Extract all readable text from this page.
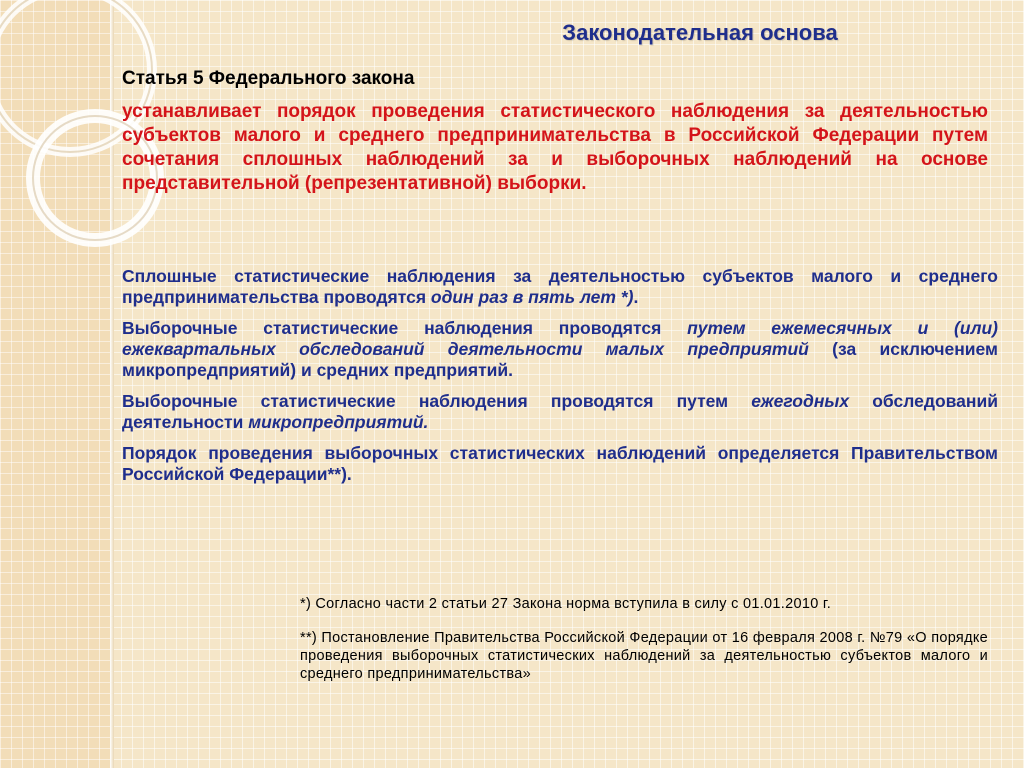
Законодательная основа
Статья 5 Федерального закона

устанавливает порядок проведения статистического наблюдения за деятельностью субъектов малого и среднего предпринимательства в Российской Федерации путем сочетания сплошных наблюдений за и выборочных наблюдений на основе представительной (репрезентативной) выборки.

Сплошные статистические наблюдения за деятельностью субъектов малого и среднего предпринимательства проводятся один раз в пять лет *).

Выборочные статистические наблюдения проводятся путем ежемесячных и (или) ежеквартальных обследований деятельности малых предприятий (за исключением микропредприятий) и средних предприятий.

Выборочные статистические наблюдения проводятся путем ежегодных обследований деятельности микропредприятий.

Порядок проведения выборочных статистических наблюдений определяется Правительством Российской Федерации**).

*) Согласно части 2 статьи 27 Закона норма вступила в силу с 01.01.2010 г.

**) Постановление Правительства Российской Федерации от 16 февраля 2008 г. №79 «О порядке проведения выборочных статистических наблюдений за деятельностью субъектов малого и среднего предпринимательства»
